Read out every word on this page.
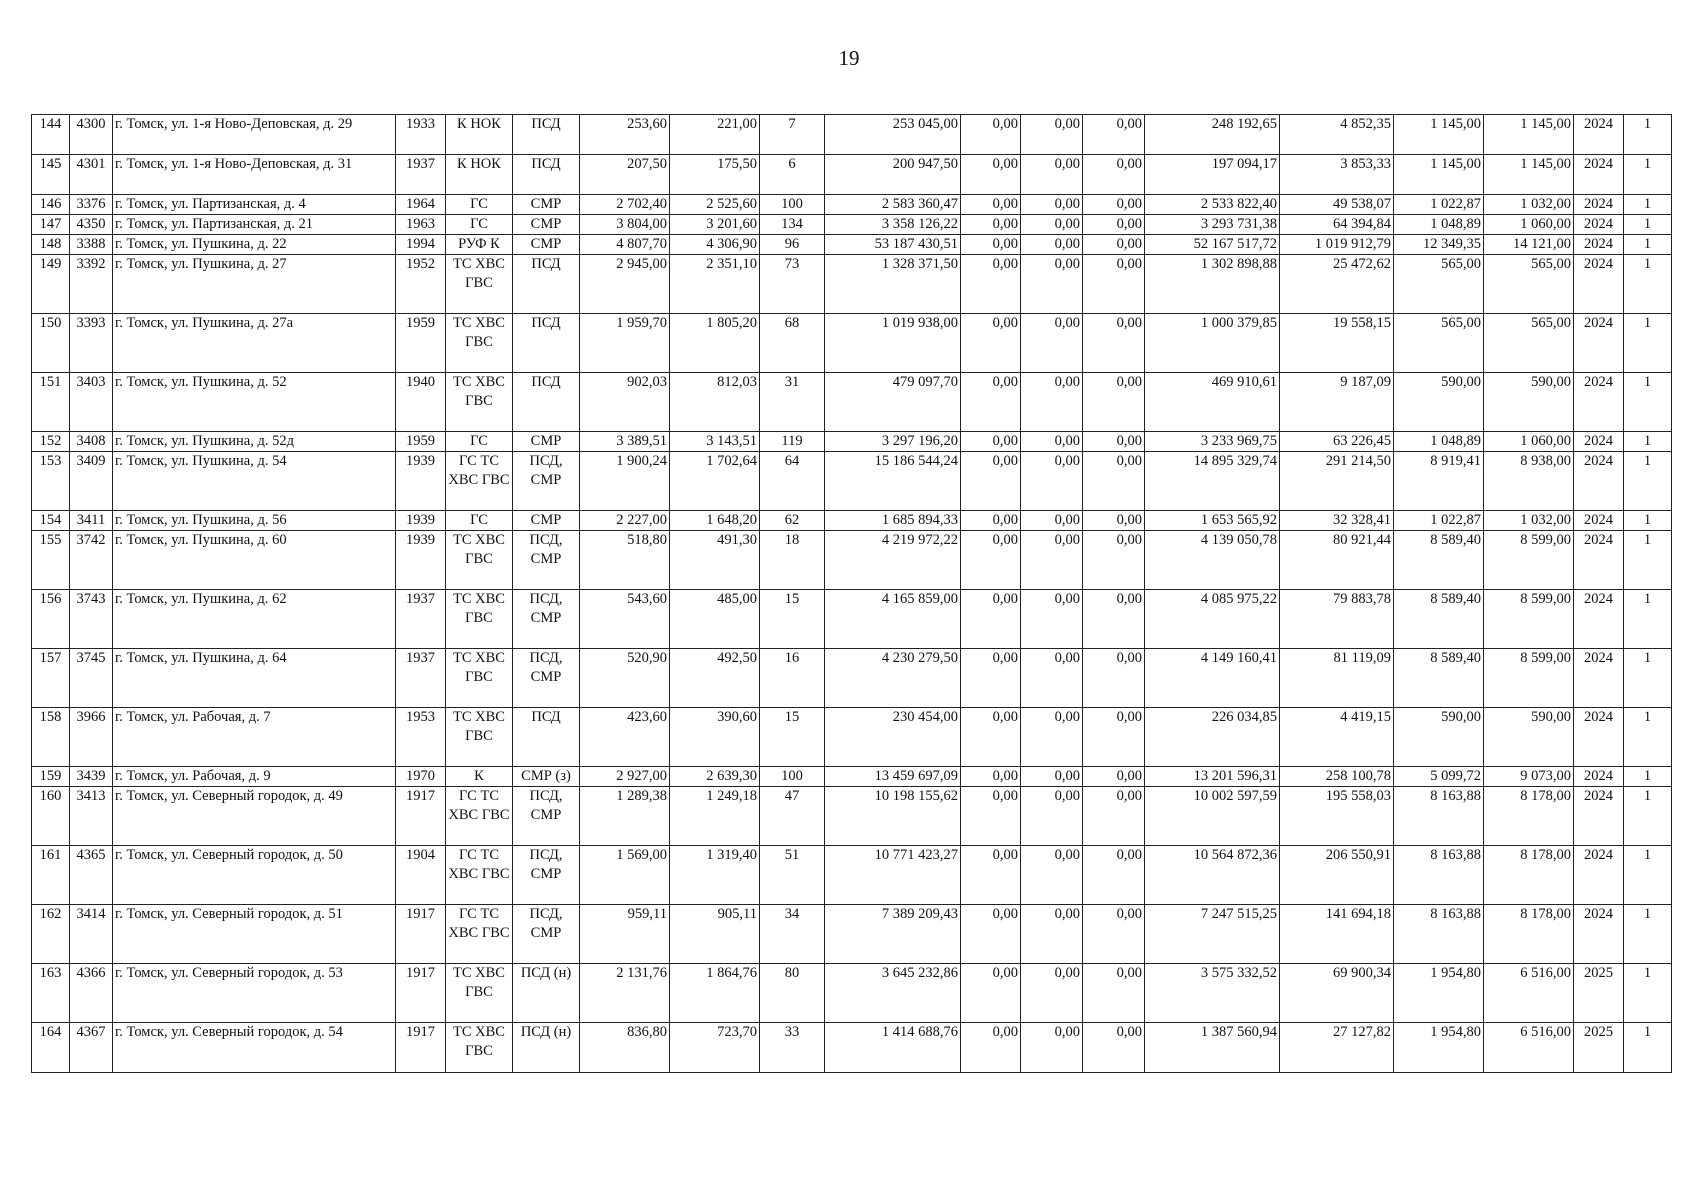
19
144	4300	г. Томск, ул. 1-я Ново-Деповская, д. 29	1933	К НОК	ПСД	253,60	221,00	7	253 045,00	0,00	0,00	0,00	248 192,65	4 852,35	1 145,00	1 145,00	2024	1
145	4301	г. Томск, ул. 1-я Ново-Деповская, д. 31	1937	К НОК	ПСД	207,50	175,50	6	200 947,50	0,00	0,00	0,00	197 094,17	3 853,33	1 145,00	1 145,00	2024	1
146	3376	г. Томск, ул. Партизанская, д. 4	1964	ГС	СМР	2 702,40	2 525,60	100	2 583 360,47	0,00	0,00	0,00	2 533 822,40	49 538,07	1 022,87	1 032,00	2024	1
147	4350	г. Томск, ул. Партизанская, д. 21	1963	ГС	СМР	3 804,00	3 201,60	134	3 358 126,22	0,00	0,00	0,00	3 293 731,38	64 394,84	1 048,89	1 060,00	2024	1
148	3388	г. Томск, ул. Пушкина, д. 22	1994	РУФ К	СМР	4 807,70	4 306,90	96	53 187 430,51	0,00	0,00	0,00	52 167 517,72	1 019 912,79	12 349,35	14 121,00	2024	1
149	3392	г. Томск, ул. Пушкина, д. 27	1952	ТС ХВС ГВС	ПСД	2 945,00	2 351,10	73	1 328 371,50	0,00	0,00	0,00	1 302 898,88	25 472,62	565,00	565,00	2024	1
150	3393	г. Томск, ул. Пушкина, д. 27а	1959	ТС ХВС ГВС	ПСД	1 959,70	1 805,20	68	1 019 938,00	0,00	0,00	0,00	1 000 379,85	19 558,15	565,00	565,00	2024	1
151	3403	г. Томск, ул. Пушкина, д. 52	1940	ТС ХВС ГВС	ПСД	902,03	812,03	31	479 097,70	0,00	0,00	0,00	469 910,61	9 187,09	590,00	590,00	2024	1
152	3408	г. Томск, ул. Пушкина, д. 52д	1959	ГС	СМР	3 389,51	3 143,51	119	3 297 196,20	0,00	0,00	0,00	3 233 969,75	63 226,45	1 048,89	1 060,00	2024	1
153	3409	г. Томск, ул. Пушкина, д. 54	1939	ГС ТС ХВС ГВС	ПСД, СМР	1 900,24	1 702,64	64	15 186 544,24	0,00	0,00	0,00	14 895 329,74	291 214,50	8 919,41	8 938,00	2024	1
154	3411	г. Томск, ул. Пушкина, д. 56	1939	ГС	СМР	2 227,00	1 648,20	62	1 685 894,33	0,00	0,00	0,00	1 653 565,92	32 328,41	1 022,87	1 032,00	2024	1
155	3742	г. Томск, ул. Пушкина, д. 60	1939	ТС ХВС ГВС	ПСД, СМР	518,80	491,30	18	4 219 972,22	0,00	0,00	0,00	4 139 050,78	80 921,44	8 589,40	8 599,00	2024	1
156	3743	г. Томск, ул. Пушкина, д. 62	1937	ТС ХВС ГВС	ПСД, СМР	543,60	485,00	15	4 165 859,00	0,00	0,00	0,00	4 085 975,22	79 883,78	8 589,40	8 599,00	2024	1
157	3745	г. Томск, ул. Пушкина, д. 64	1937	ТС ХВС ГВС	ПСД, СМР	520,90	492,50	16	4 230 279,50	0,00	0,00	0,00	4 149 160,41	81 119,09	8 589,40	8 599,00	2024	1
158	3966	г. Томск, ул. Рабочая, д. 7	1953	ТС ХВС ГВС	ПСД	423,60	390,60	15	230 454,00	0,00	0,00	0,00	226 034,85	4 419,15	590,00	590,00	2024	1
159	3439	г. Томск, ул. Рабочая, д. 9	1970	К	СМР (з)	2 927,00	2 639,30	100	13 459 697,09	0,00	0,00	0,00	13 201 596,31	258 100,78	5 099,72	9 073,00	2024	1
160	3413	г. Томск, ул. Северный городок, д. 49	1917	ГС ТС ХВС ГВС	ПСД, СМР	1 289,38	1 249,18	47	10 198 155,62	0,00	0,00	0,00	10 002 597,59	195 558,03	8 163,88	8 178,00	2024	1
161	4365	г. Томск, ул. Северный городок, д. 50	1904	ГС ТС ХВС ГВС	ПСД, СМР	1 569,00	1 319,40	51	10 771 423,27	0,00	0,00	0,00	10 564 872,36	206 550,91	8 163,88	8 178,00	2024	1
162	3414	г. Томск, ул. Северный городок, д. 51	1917	ГС ТС ХВС ГВС	ПСД, СМР	959,11	905,11	34	7 389 209,43	0,00	0,00	0,00	7 247 515,25	141 694,18	8 163,88	8 178,00	2024	1
163	4366	г. Томск, ул. Северный городок, д. 53	1917	ТС ХВС ГВС	ПСД (н)	2 131,76	1 864,76	80	3 645 232,86	0,00	0,00	0,00	3 575 332,52	69 900,34	1 954,80	6 516,00	2025	1
164	4367	г. Томск, ул. Северный городок, д. 54	1917	ТС ХВС ГВС	ПСД (н)	836,80	723,70	33	1 414 688,76	0,00	0,00	0,00	1 387 560,94	27 127,82	1 954,80	6 516,00	2025	1
